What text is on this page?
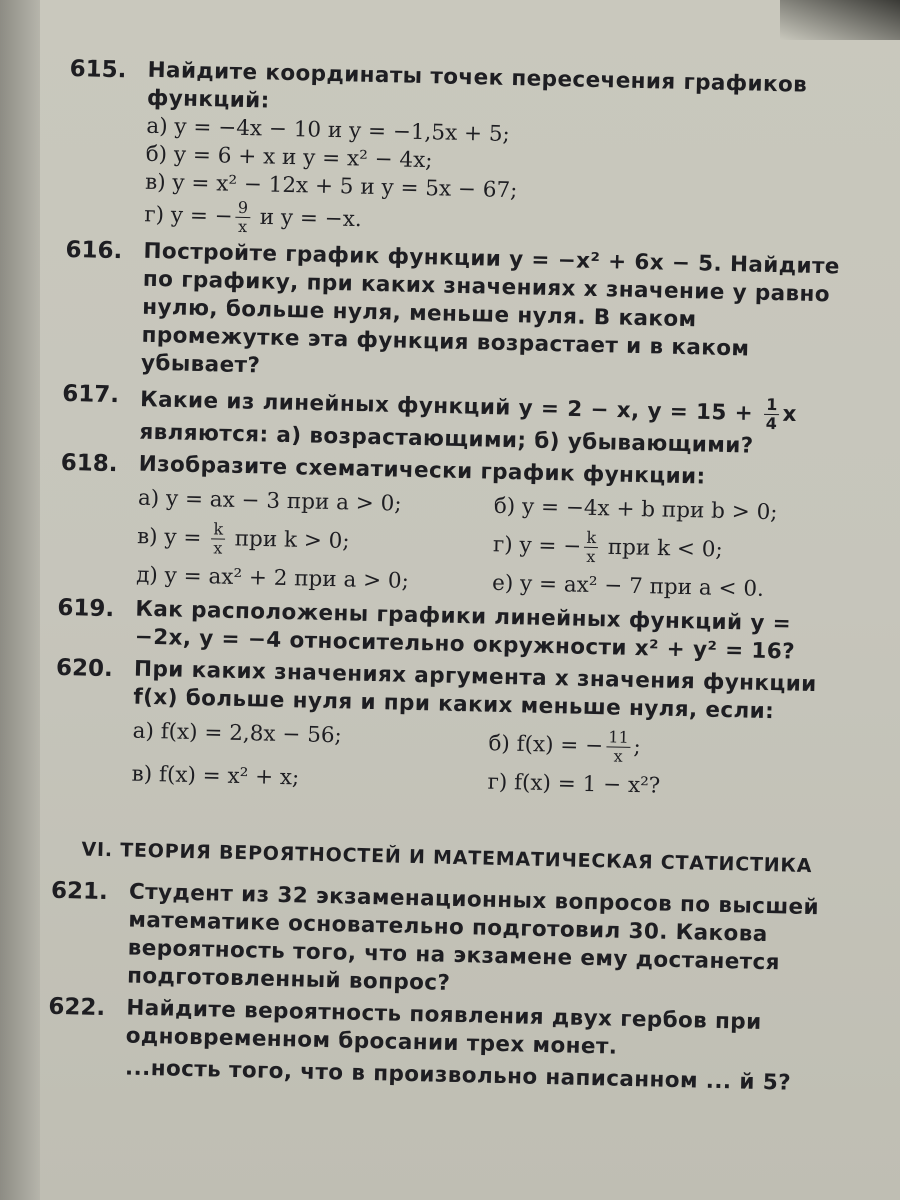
615. Найдите координаты точек пересечения графиков функций:
а) y = −4x − 10 и y = −1,5x + 5;
б) y = 6 + x и y = x² − 4x;
в) y = x² − 12x + 5 и y = 5x − 67;
г) y = − $\frac{9}{x}$ и y = −x.
616. Постройте график функции y = −x² + 6x − 5. Найдите по графику, при каких значениях x значение y равно нулю, больше нуля, меньше нуля. В каком промежутке эта функция возрастает и в каком убывает?
617. Какие из линейных функций y = 2 − x, $y = 15 + \frac{1}{4}$ x являются: а) возрастающими; б) убывающими?
618. Изобразите схематически график функции:
а) y = ax − 3 при a > 0;	б) y = −4x + b при b > 0;
в) $y = \frac{k}{x}$ при k > 0;	г) y = − $\frac{k}{x}$ при k < 0;
д) y = ax² + 2 при a > 0;	е) y = ax² − 7 при a < 0.
619. Как расположены графики линейных функций y = −2x, y = −4 относительно окружности x² + y² = 16?
620. При каких значениях аргумента x значения функции f(x) больше нуля и при каких меньше нуля, если:
а) f(x) = 2,8x − 56;	б) f(x) = − $\frac{11}{x}$ ;
в) f(x) = x² + x;	г) f(x) = 1 − x²?
VI. ТЕОРИЯ ВЕРОЯТНОСТЕЙ И МАТЕМАТИЧЕСКАЯ СТАТИСТИКА
621. Студент из 32 экзаменационных вопросов по высшей математике основательно подготовил 30. Какова вероятность того, что на экзамене ему достанется подготовленный вопрос?
622. Найдите вероятность появления двух гербов при одновременном бросании трех монет.
...ность того, что в произвольно написанном ... й 5?
